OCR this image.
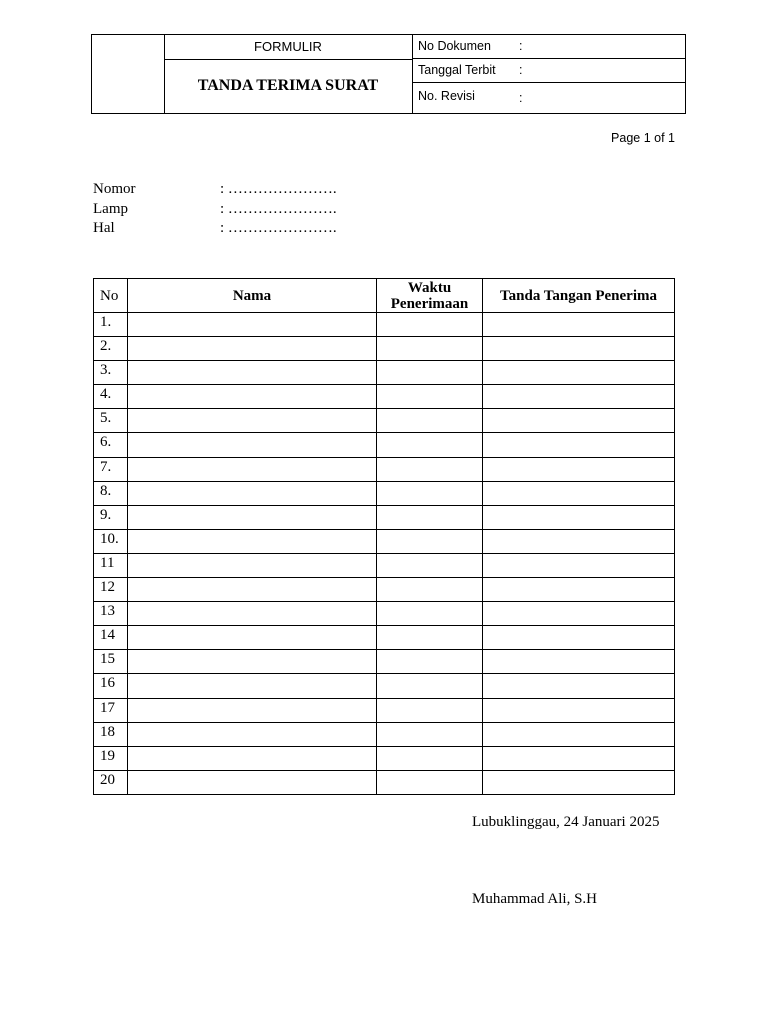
FORMULIR
TANDA TERIMA SURAT
No Dokumen :
Tanggal Terbit :
No. Revisi	:
Page 1 of 1
Nomor	: ………………….
Lamp	: ………………….
Hal	: ………………….
No	Nama	Waktu Penerimaan	Tanda Tangan Penerima
1.			
2.			
3.			
4.			
5.			
6.			
7.			
8.			
9.			
10.			
11			
12			
13			
14			
15			
16			
17			
18			
19			
20			
Lubuklinggau, 24 Januari 2025
Muhammad Ali, S.H
